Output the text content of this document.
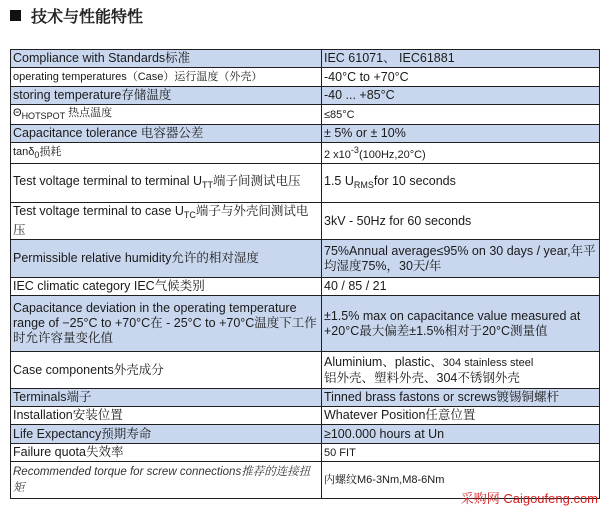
技术与性能特性
Compliance with Standards标准	IEC 61071、 IEC61881
operating temperatures（Case）运行温度（外壳）	-40°C to +70°C
storing temperature存储温度	-40 ... +85°C
$\Theta_{HOTSPOT}$ 热点温度	≤85°C
Capacitance tolerance 电容器公差	± 5% or ± 10%
tanδ$_0$损耗	2 $x10^{-3}(100Hz,20^\circ C)$
Test voltage terminal to terminal $U_{TT}$端子间测试电压	1.5 $U_{RMS}for$ 10 seconds
Test voltage terminal to case $U_{TC}$端子与外壳间测试电压	3kV - 50Hz for 60 seconds
Permissible relative humidity允许的相对湿度	75%Annual average≤95% on 30 days / year,年平均湿度75%，30天/年
IEC climatic category IEC气候类别	40 / 85 / 21
Capacitance deviation in the operating temperature range of −25°C to +70°C在 - 25°C to +70°C温度下工作时允许容量变化值	±1.5% max on capacitance value measured at +20°C最大偏差±1.5%相对于20°C测量值
Case components外壳成分	Aluminium、plastic、304 stainless steel
铝外壳、塑料外壳、304不锈钢外壳
Terminals端子	Tinned brass fastons or screws镀锡铜螺杆
Installation安装位置	Whatever Position任意位置
Life Expectancy预期寿命	≥100.000 hours at Un
Failure quota失效率	50 FIT
Recommended torque for screw connections推荐的连接扭矩	内螺纹M6-3Nm,M8-6Nm
采购网 Caigoufeng.com
